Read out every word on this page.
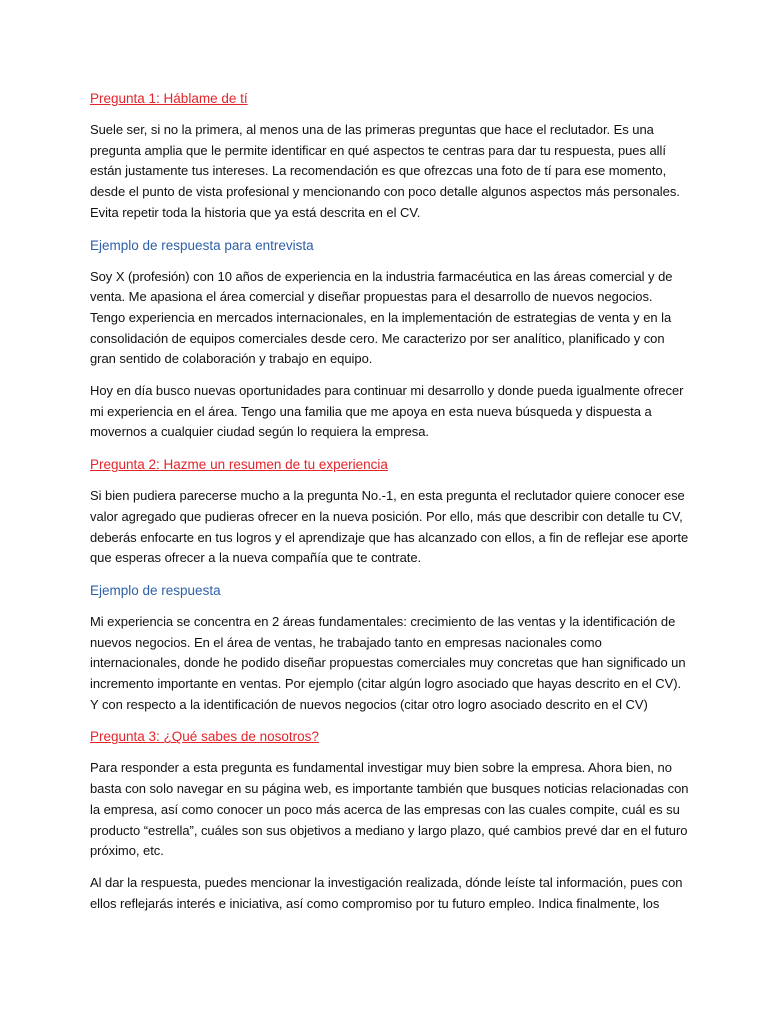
Pregunta 1: Háblame de tí

Suele ser, si no la primera, al menos una de las primeras preguntas que hace el reclutador. Es una pregunta amplia que le permite identificar en qué aspectos te centras para dar tu respuesta, pues allí están justamente tus intereses. La recomendación es que ofrezcas una foto de tí para ese momento, desde el punto de vista profesional y mencionando con poco detalle algunos aspectos más personales. Evita repetir toda la historia que ya está descrita en el CV.

Ejemplo de respuesta para entrevista

Soy X (profesión) con 10 años de experiencia en la industria farmacéutica en las áreas comercial y de venta. Me apasiona el área comercial y diseñar propuestas para el desarrollo de nuevos negocios. Tengo experiencia en mercados internacionales, en la implementación de estrategias de venta y en la consolidación de equipos comerciales desde cero. Me caracterizo por ser analítico, planificado y con gran sentido de colaboración y trabajo en equipo.

Hoy en día busco nuevas oportunidades para continuar mi desarrollo y donde pueda igualmente ofrecer mi experiencia en el área. Tengo una familia que me apoya en esta nueva búsqueda y dispuesta a movernos a cualquier ciudad según lo requiera la empresa.

Pregunta 2: Hazme un resumen de tu experiencia

Si bien pudiera parecerse mucho a la pregunta No.-1, en esta pregunta el reclutador quiere conocer ese valor agregado que pudieras ofrecer en la nueva posición. Por ello, más que describir con detalle tu CV, deberás enfocarte en tus logros y el aprendizaje que has alcanzado con ellos, a fin de reflejar ese aporte que esperas ofrecer a la nueva compañía que te contrate.

Ejemplo de respuesta

Mi experiencia se concentra en 2 áreas fundamentales: crecimiento de las ventas y la identificación de nuevos negocios. En el área de ventas, he trabajado tanto en empresas nacionales como internacionales, donde he podido diseñar propuestas comerciales muy concretas que han significado un incremento importante en ventas. Por ejemplo (citar algún logro asociado que hayas descrito en el CV). Y con respecto a la identificación de nuevos negocios (citar otro logro asociado descrito en el CV)

Pregunta 3: ¿Qué sabes de nosotros?

Para responder a esta pregunta es fundamental investigar muy bien sobre la empresa. Ahora bien, no basta con solo navegar en su página web, es importante también que busques noticias relacionadas con la empresa, así como conocer un poco más acerca de las empresas con las cuales compite, cuál es su producto “estrella”, cuáles son sus objetivos a mediano y largo plazo, qué cambios prevé dar en el futuro próximo, etc.

Al dar la respuesta, puedes mencionar la investigación realizada, dónde leíste tal información, pues con ellos reflejarás interés e iniciativa, así como compromiso por tu futuro empleo. Indica finalmente, los
